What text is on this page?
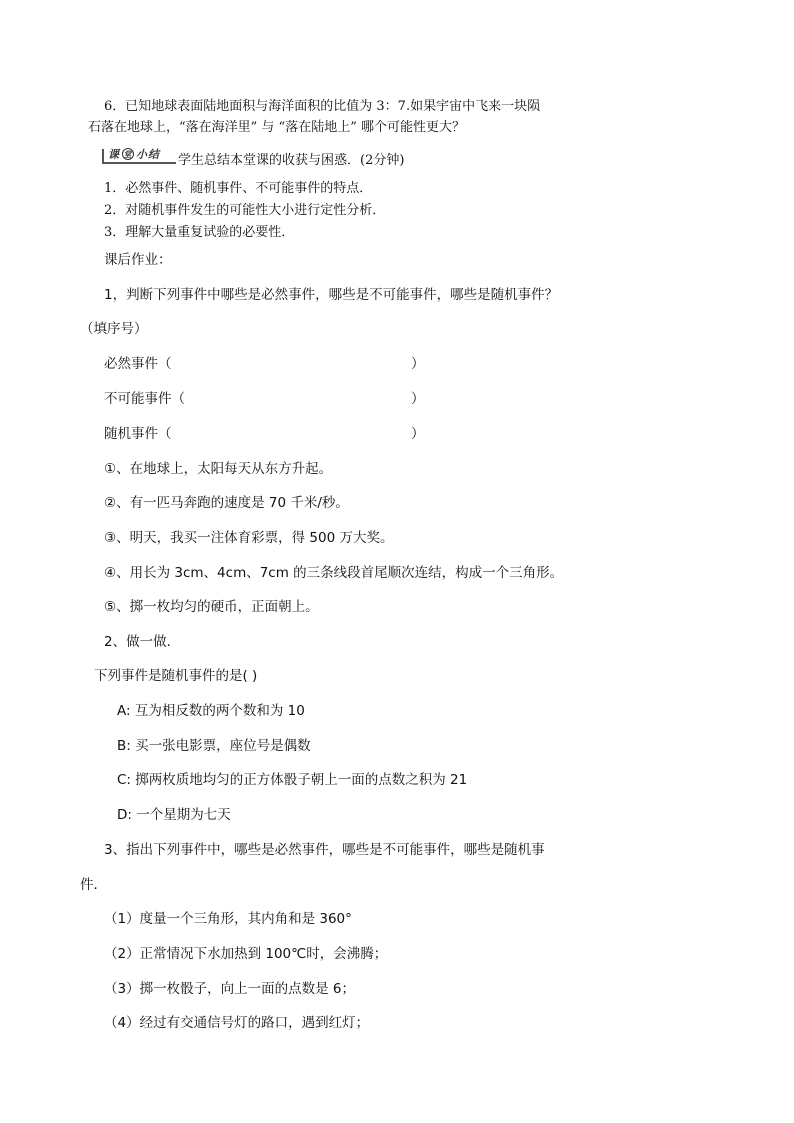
6．已知地球表面陆地面积与海洋面积的比值为 3：7.如果宇宙中飞来一块陨
石落在地球上，“落在海洋里” 与 “落在陆地上” 哪个可能性更大？
课 堂 小结 学生总结本堂课的收获与困惑．(2分钟)
1．必然事件、随机事件、不可能事件的特点．
2．对随机事件发生的可能性大小进行定性分析．
3．理解大量重复试验的必要性．
课后作业：
1，判断下列事件中哪些是必然事件，哪些是不可能事件，哪些是随机事件？
（填序号）
必然事件（	）
不可能事件（	）
随机事件（	）
①、在地球上，太阳每天从东方升起。
②、有一匹马奔跑的速度是 70 千米/秒。
③、明天，我买一注体育彩票，得 500 万大奖。
④、用长为 3cm、4cm、7cm 的三条线段首尾顺次连结，构成一个三角形。
⑤、掷一枚均匀的硬币，正面朝上。
2、做一做．
下列事件是随机事件的是( )
A: 互为相反数的两个数和为 10
B: 买一张电影票，座位号是偶数
C: 掷两枚质地均匀的正方体骰子朝上一面的点数之积为 21
D: 一个星期为七天
3、指出下列事件中，哪些是必然事件，哪些是不可能事件，哪些是随机事
件．
（1）度量一个三角形，其内角和是 360°
（2）正常情况下水加热到 100℃时，会沸腾；
（3）掷一枚骰子，向上一面的点数是 6；
（4）经过有交通信号灯的路口，遇到红灯；
